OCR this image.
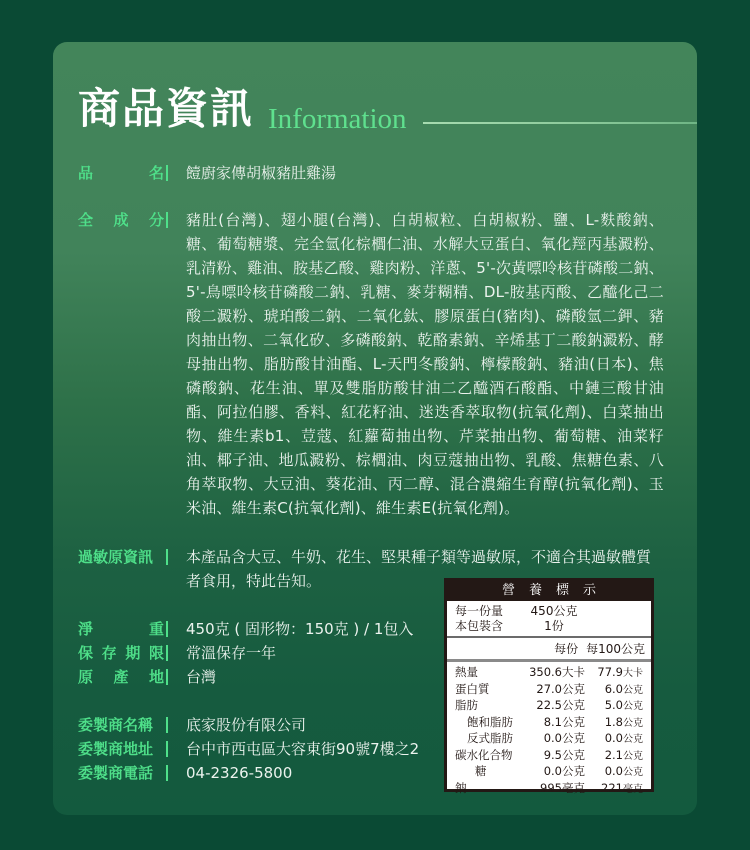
商品資訊 Information
品	名 饐廚家傳胡椒豬肚雞湯
全 成 分 豬肚(台灣)、翅小腿(台灣)、白胡椒粒、白胡椒粉、鹽、L-麩酸鈉、糖、葡萄糖漿、完全氫化棕櫚仁油、水解大豆蛋白、氧化羥丙基澱粉、乳清粉、雞油、胺基乙酸、雞肉粉、洋蔥、5'-次黃嘌呤核苷磷酸二鈉、5'-鳥嘌呤核苷磷酸二鈉、乳糖、麥芽糊精、DL-胺基丙酸、乙醯化己二酸二澱粉、琥珀酸二鈉、二氧化鈦、膠原蛋白(豬肉)、磷酸氫二鉀、豬肉抽出物、二氧化矽、多磷酸鈉、乾酪素鈉、辛烯基丁二酸鈉澱粉、酵母抽出物、脂肪酸甘油酯、L-天門冬酸鈉、檸檬酸鈉、豬油(日本)、焦磷酸鈉、花生油、單及雙脂肪酸甘油二乙醯酒石酸酯、中鏈三酸甘油酯、阿拉伯膠、香料、紅花籽油、迷迭香萃取物(抗氧化劑)、白菜抽出物、維生素b1、荳蔻、紅蘿蔔抽出物、芹菜抽出物、葡萄糖、油菜籽油、椰子油、地瓜澱粉、棕櫚油、肉豆蔻抽出物、乳酸、焦糖色素、八角萃取物、大豆油、葵花油、丙二醇、混合濃縮生育醇(抗氧化劑)、玉米油、維生素C(抗氧化劑)、維生素E(抗氧化劑)。
過敏原資訊	本產品含大豆、牛奶、花生、堅果種子類等過敏原，不適合其過敏體質者食用，特此告知。
淨	重 450克 ( 固形物：150克 ) / 1包入
保 存 期 限 常溫保存一年
原 產 地 台灣
委製商名稱	底家股份有限公司
委製商地址	台中市西屯區大容東街90號7樓之2
委製商電話	04-2326-5800
營養標示
每一份量	450公克
本包裝含	1份
每份 每100公克
熱量	350.6大卡	77.9大卡
蛋白質	27.0公克	6.0公克
脂肪	22.5公克	5.0公克
飽和脂肪	8.1公克	1.8公克
反式脂肪	0.0公克	0.0公克
碳水化合物	9.5公克	2.1公克
糖	0.0公克	0.0公克
鈉	995毫克	221毫克
